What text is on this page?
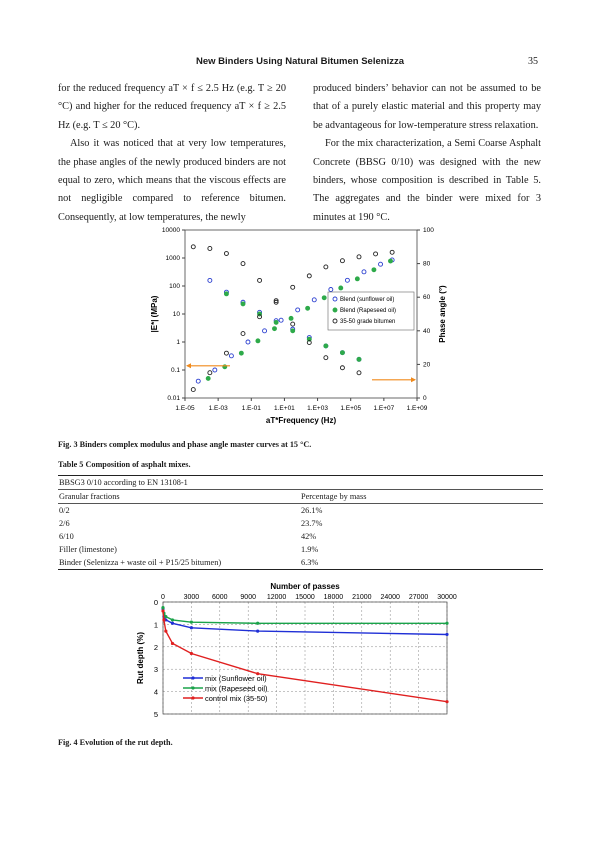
New Binders Using Natural Bitumen Selenizza	35

for the reduced frequency aT × f ≤ 2.5 Hz (e.g. T ≥ 20 °C) and higher for the reduced frequency aT × f ≥ 2.5 Hz (e.g. T ≤ 20 °C).

Also it was noticed that at very low temperatures, the phase angles of the newly produced binders are not equal to zero, which means that the viscous effects are not negligible compared to reference bitumen. Consequently, at low temperatures, the newly

produced binders’ behavior can not be assumed to be that of a purely elastic material and this property may be advantageous for low-temperature stress relaxation.

For the mix characterization, a Semi Coarse Asphalt Concrete (BBSG 0/10) was designed with the new binders, whose composition is described in Table 5. The aggregates and the binder were mixed for 3 minutes at 190 °C.

1.E-05 1.E-03 1.E-01 1.E+01 1.E+03 1.E+05 1.E+07 1.E+09
0.01
0.1
1
10
100
1000
10000
0
20
40
60
80
100
aT*Frequency (Hz)
|E*| (MPa)	Phase angle (°)
Blend (sunflower oil)
Blend (Rapeseed oil)
35-50 grade bitumen
Fig. 3 Binders complex modulus and phase angle master curves at 15 °C.
Table 5 Composition of asphalt mixes.
BBSG3 0/10 according to EN 13108-1
Granular fractions	Percentage by mass
0/2	26.1%
2/6	23.7%
6/10	42%
Filler (limestone)	1.9%
Binder (Selenizza + waste oil + P15/25 bitumen)	6.3%
Number of passes
0	3000 6000 9000 12000 15000 18000 21000 24000 27000 30000
0
1
2
3
4
5
Rut depth (%)	mix (Sunflower oil)
mix (Rapeseed oil)
control mix (35-50)
Fig. 4 Evolution of the rut depth.
